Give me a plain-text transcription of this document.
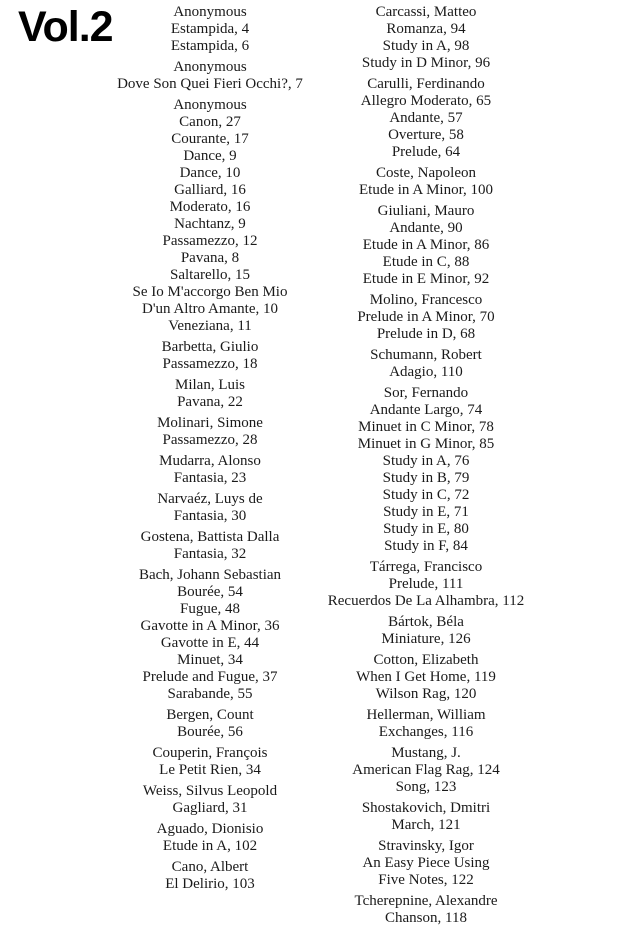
Vol.2	Anonymous
Estampida, 4
Estampida, 6
Anonymous
Dove Son Quei Fieri Occhi?, 7
Anonymous
Canon, 27
Courante, 17
Dance, 9
Dance, 10
Galliard, 16
Moderato, 16
Nachtanz, 9
Passamezzo, 12
Pavana, 8
Saltarello, 15
Se Io M'accorgo Ben Mio
D'un Altro Amante, 10
Veneziana, 11
Barbetta, Giulio
Passamezzo, 18
Milan, Luis
Pavana, 22
Molinari, Simone
Passamezzo, 28
Mudarra, Alonso
Fantasia, 23
Narvaéz, Luys de
Fantasia, 30
Gostena, Battista Dalla
Fantasia, 32
Bach, Johann Sebastian
Bourée, 54
Fugue, 48
Gavotte in A Minor, 36
Gavotte in E, 44
Minuet, 34
Prelude and Fugue, 37
Sarabande, 55
Bergen, Count
Bourée, 56
Couperin, François
Le Petit Rien, 34
Weiss, Silvus Leopold
Gagliard, 31
Aguado, Dionisio
Etude in A, 102
Cano, Albert
El Delirio, 103
Carcassi, Matteo
Romanza, 94
Study in A, 98
Study in D Minor, 96
Carulli, Ferdinando
Allegro Moderato, 65
Andante, 57
Overture, 58
Prelude, 64
Coste, Napoleon
Etude in A Minor, 100
Giuliani, Mauro
Andante, 90
Etude in A Minor, 86
Etude in C, 88
Etude in E Minor, 92
Molino, Francesco
Prelude in A Minor, 70
Prelude in D, 68
Schumann, Robert
Adagio, 110
Sor, Fernando
Andante Largo, 74
Minuet in C Minor, 78
Minuet in G Minor, 85
Study in A, 76
Study in B, 79
Study in C, 72
Study in E, 71
Study in E, 80
Study in F, 84
Tárrega, Francisco
Prelude, 111
Recuerdos De La Alhambra, 112
Bártok, Béla
Miniature, 126
Cotton, Elizabeth
When I Get Home, 119
Wilson Rag, 120
Hellerman, William
Exchanges, 116
Mustang, J.
American Flag Rag, 124
Song, 123
Shostakovich, Dmitri
March, 121
Stravinsky, Igor
An Easy Piece Using
Five Notes, 122
Tcherepnine, Alexandre
Chanson, 118
